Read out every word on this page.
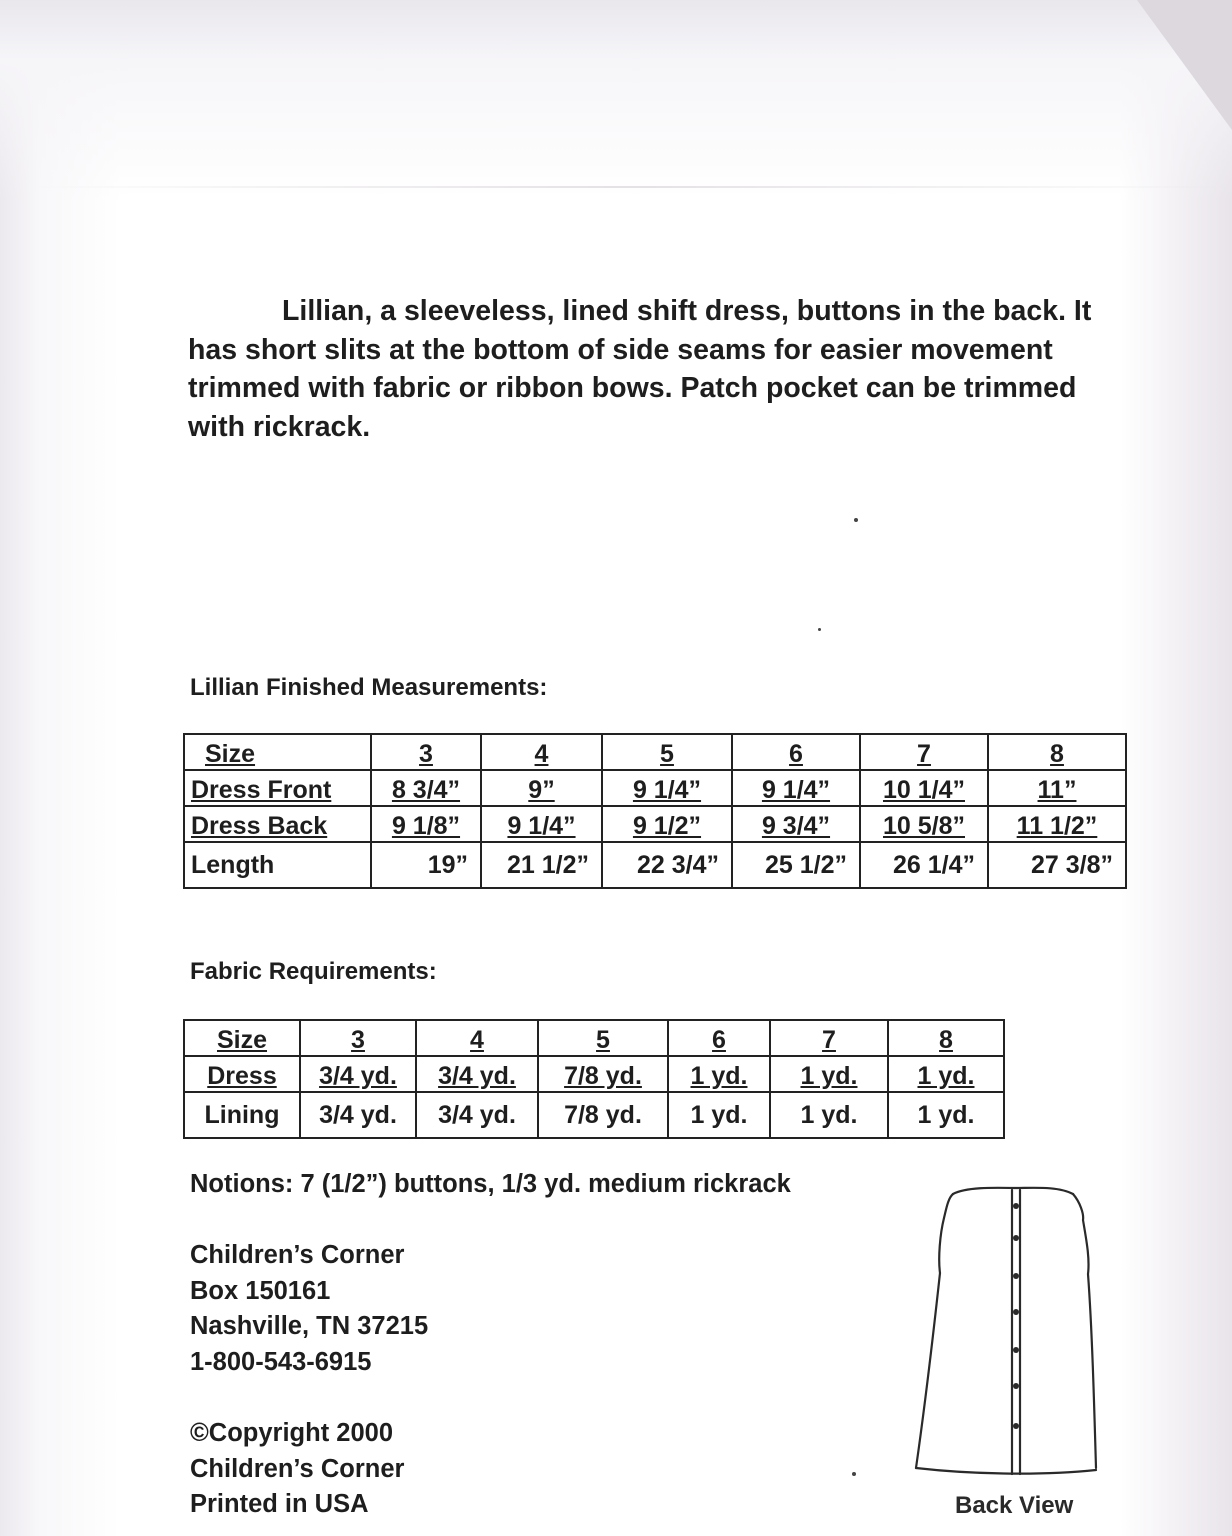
Lillian, a sleeveless, lined shift dress, buttons in the back. It has short slits at the bottom of side seams for easier movement trimmed with fabric or ribbon bows. Patch pocket can be trimmed with rickrack.
Lillian Finished Measurements:
Size	3	4	5	6	7	8
Dress Front	8 3/4”	9”	9 1/4”	9 1/4”	10 1/4”	11”
Dress Back	9 1/8”	9 1/4”	9 1/2”	9 3/4”	10 5/8”	11 1/2”
Length	19”	21 1/2”	22 3/4”	25 1/2”	26 1/4”	27 3/8”
Fabric Requirements:
Size	3	4	5	6	7	8
Dress	3/4 yd.	3/4 yd.	7/8 yd.	1 yd.	1 yd.	1 yd.
Lining	3/4 yd.	3/4 yd.	7/8 yd.	1 yd.	1 yd.	1 yd.
Notions: 7 (1/2”) buttons, 1/3 yd. medium rickrack
Children’s Corner
Box 150161
Nashville, TN 37215
1-800-543-6915
©Copyright 2000
Children’s Corner
Printed in USA	Back View
